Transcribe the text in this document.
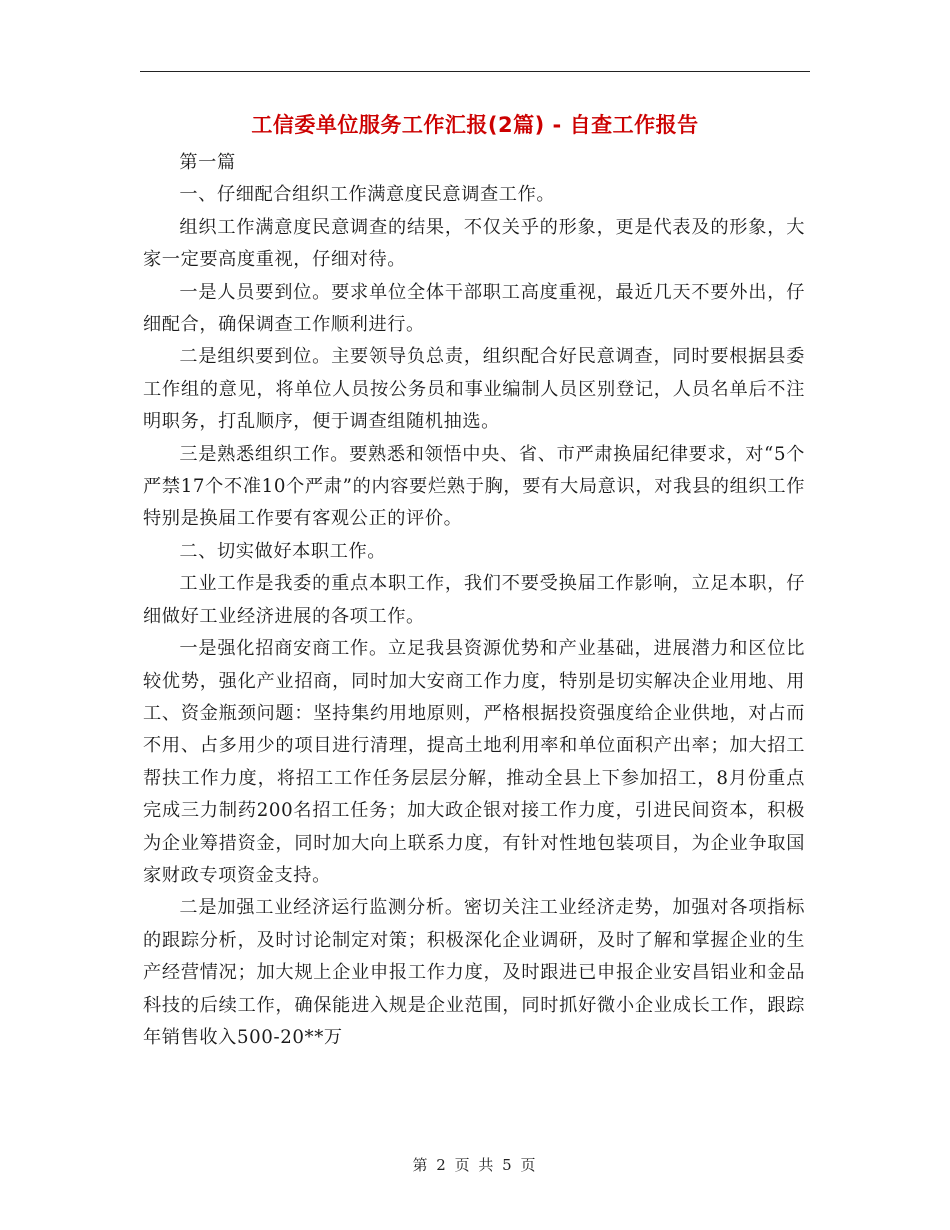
工信委单位服务工作汇报(2篇) - 自查工作报告

第一篇

一、仔细配合组织工作满意度民意调查工作。

组织工作满意度民意调查的结果，不仅关乎的形象，更是代表及的形象，大家一定要高度重视，仔细对待。

一是人员要到位。要求单位全体干部职工高度重视，最近几天不要外出，仔细配合，确保调查工作顺利进行。

二是组织要到位。主要领导负总责，组织配合好民意调查，同时要根据县委工作组的意见，将单位人员按公务员和事业编制人员区别登记，人员名单后不注明职务，打乱顺序，便于调查组随机抽选。

三是熟悉组织工作。要熟悉和领悟中央、省、市严肃换届纪律要求，对“5个严禁17个不准10个严肃”的内容要烂熟于胸，要有大局意识，对我县的组织工作特别是换届工作要有客观公正的评价。

二、切实做好本职工作。

工业工作是我委的重点本职工作，我们不要受换届工作影响，立足本职，仔细做好工业经济进展的各项工作。

一是强化招商安商工作。立足我县资源优势和产业基础，进展潜力和区位比较优势，强化产业招商，同时加大安商工作力度，特别是切实解决企业用地、用工、资金瓶颈问题：坚持集约用地原则，严格根据投资强度给企业供地，对占而不用、占多用少的项目进行清理，提高土地利用率和单位面积产出率；加大招工帮扶工作力度，将招工工作任务层层分解，推动全县上下参加招工，8月份重点完成三力制药200名招工任务；加大政企银对接工作力度，引进民间资本，积极为企业筹措资金，同时加大向上联系力度，有针对性地包装项目，为企业争取国家财政专项资金支持。

二是加强工业经济运行监测分析。密切关注工业经济走势，加强对各项指标的跟踪分析，及时讨论制定对策；积极深化企业调研，及时了解和掌握企业的生产经营情况；加大规上企业申报工作力度，及时跟进已申报企业安昌铝业和金品科技的后续工作，确保能进入规是企业范围，同时抓好微小企业成长工作，跟踪年销售收入500-20**万

第 2 页 共 5 页
